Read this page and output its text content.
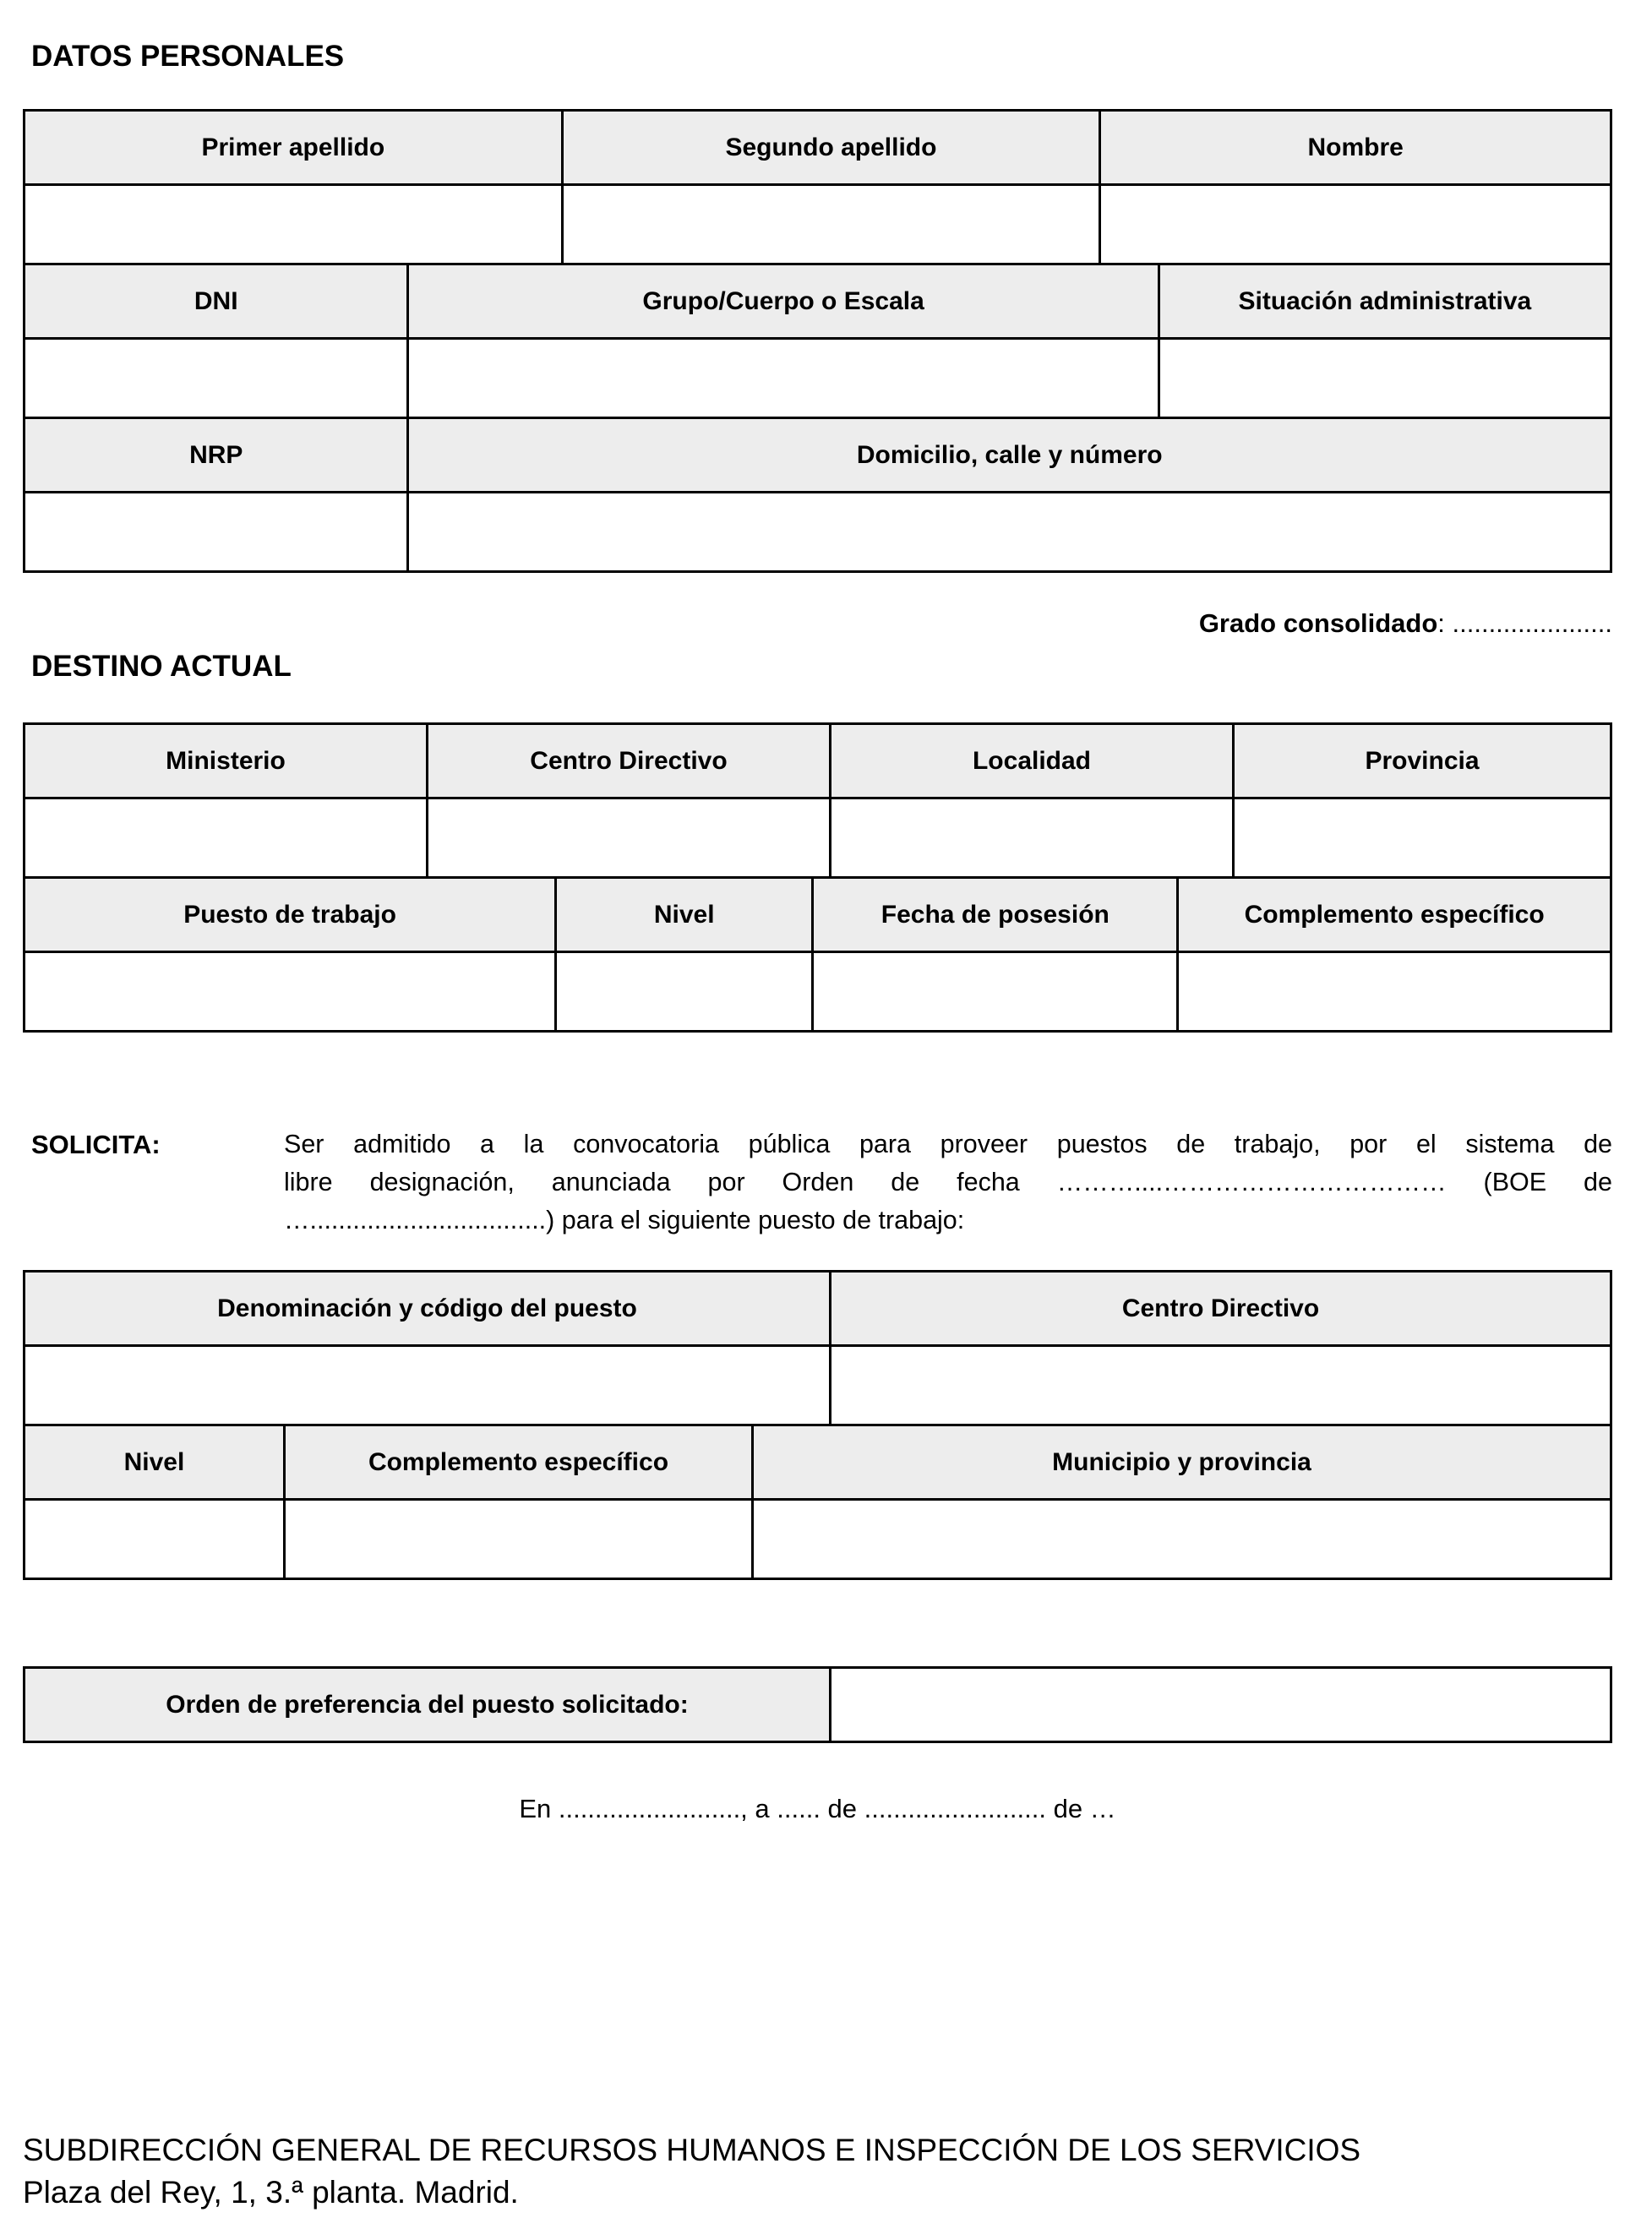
DATOS PERSONALES
Primer apellido	Segundo apellido	Nombre

DNI	Grupo/Cuerpo o Escala	Situación administrativa

NRP	Domicilio, calle y número

Grado consolidado: ......................
DESTINO ACTUAL
Ministerio	Centro Directivo	Localidad	Provincia

Puesto de trabajo	Nivel	Fecha de posesión	Complemento específico

SOLICITA:	Ser admitido a la convocatoria pública para proveer puestos de trabajo, por el sistema de
libre designación, anunciada por Orden de fecha ………....…………………………… (BOE de
….................................) para el siguiente puesto de trabajo:
Denominación y código del puesto	Centro Directivo

Nivel	Complemento específico	Municipio y provincia

Orden de preferencia del puesto solicitado:	
En ........................., a ...... de ......................... de …
SUBDIRECCIÓN GENERAL DE RECURSOS HUMANOS E INSPECCIÓN DE LOS SERVICIOS
Plaza del Rey, 1, 3.ª planta. Madrid.
